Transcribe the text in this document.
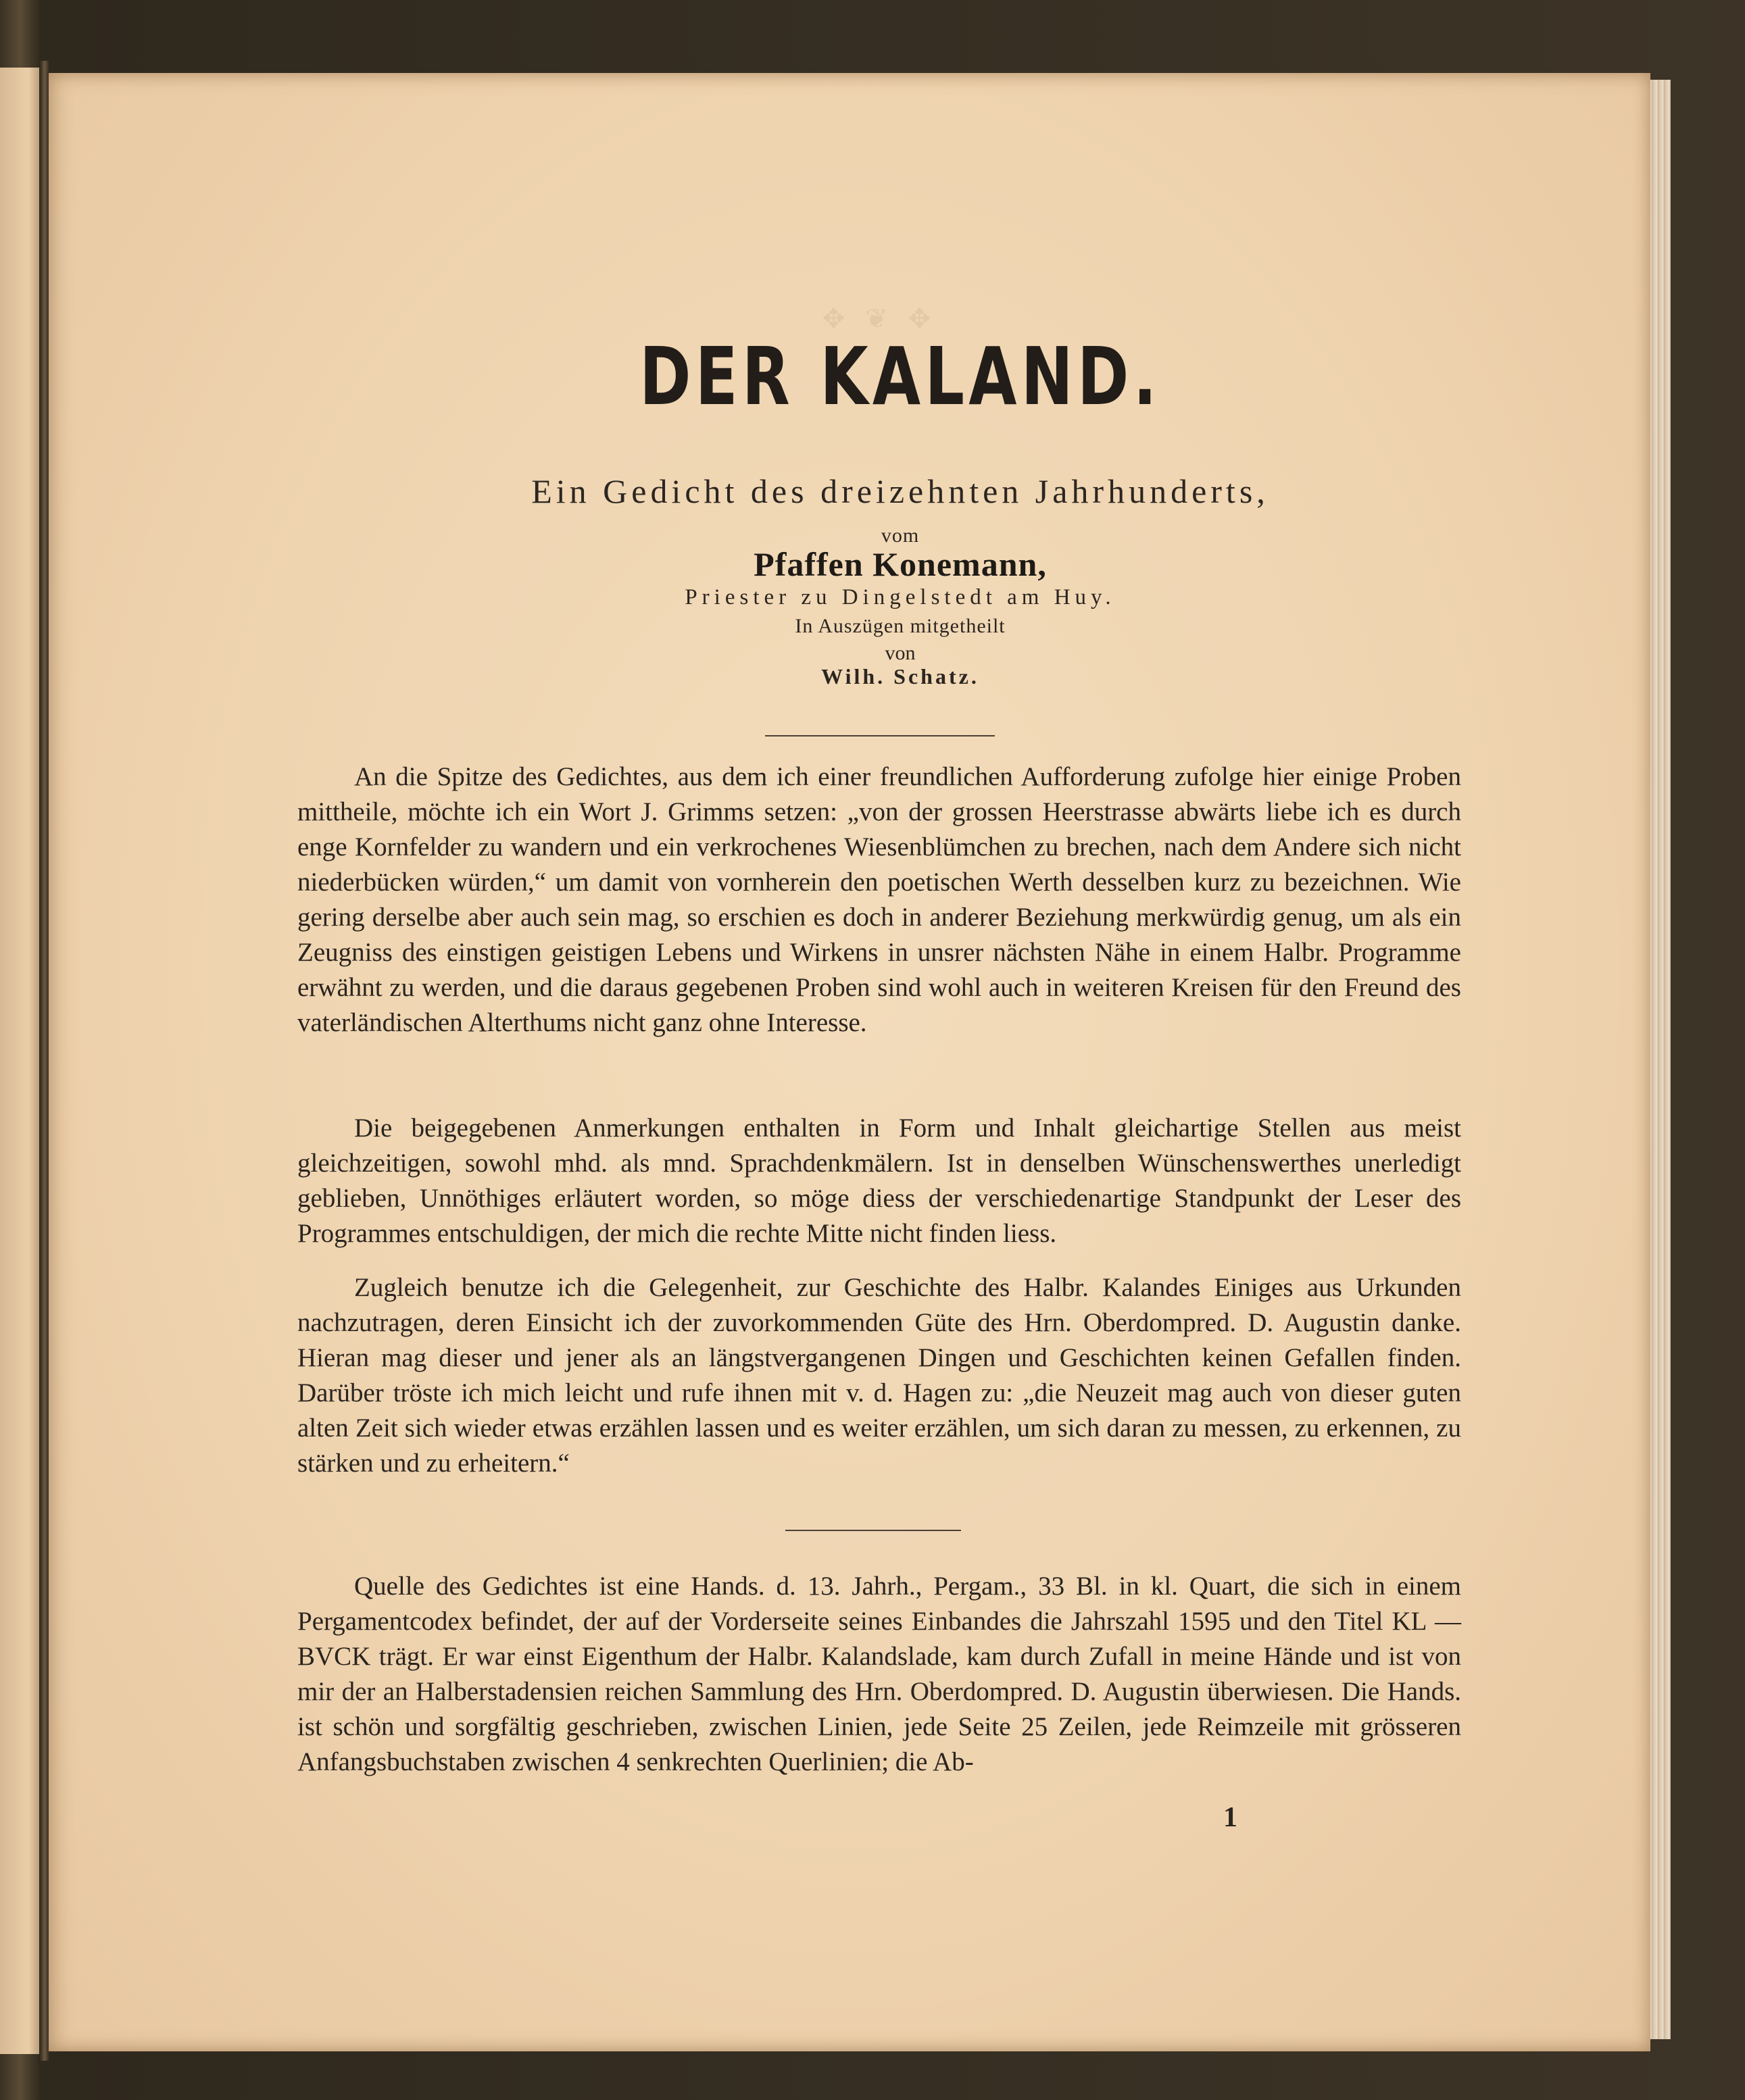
✥ ❦ ✥
DER KALAND.
Ein Gedicht des dreizehnten Jahrhunderts,
vom
Pfaffen Konemann,
Priester zu Dingelstedt am Huy.
In Auszügen mitgetheilt
von
Wilh. Schatz.

An die Spitze des Gedichtes, aus dem ich einer freundlichen Aufforderung zufolge hier einige Proben mittheile, möchte ich ein Wort J. Grimms setzen: „von der grossen Heerstrasse abwärts liebe ich es durch enge Kornfelder zu wandern und ein verkrochenes Wiesenblümchen zu brechen, nach dem Andere sich nicht niederbücken würden,“ um damit von vornherein den poetischen Werth desselben kurz zu bezeichnen. Wie gering derselbe aber auch sein mag, so erschien es doch in anderer Beziehung merkwürdig genug, um als ein Zeugniss des einstigen geistigen Lebens und Wirkens in unsrer nächsten Nähe in einem Halbr. Programme erwähnt zu werden, und die daraus gegebenen Proben sind wohl auch in weiteren Kreisen für den Freund des vaterländischen Alterthums nicht ganz ohne Interesse.

Die beigegebenen Anmerkungen enthalten in Form und Inhalt gleichartige Stellen aus meist gleichzeitigen, sowohl mhd. als mnd. Sprachdenkmälern. Ist in denselben Wünschenswerthes unerledigt geblieben, Unnöthiges erläutert worden, so möge diess der verschiedenartige Standpunkt der Leser des Programmes entschuldigen, der mich die rechte Mitte nicht finden liess.

Zugleich benutze ich die Gelegenheit, zur Geschichte des Halbr. Kalandes Einiges aus Urkunden nachzutragen, deren Einsicht ich der zuvorkommenden Güte des Hrn. Oberdompred. D. Augustin danke. Hieran mag dieser und jener als an längstvergangenen Dingen und Geschichten keinen Gefallen finden. Darüber tröste ich mich leicht und rufe ihnen mit v. d. Hagen zu: „die Neuzeit mag auch von dieser guten alten Zeit sich wieder etwas erzählen lassen und es weiter erzählen, um sich daran zu messen, zu erkennen, zu stärken und zu erheitern.“

Quelle des Gedichtes ist eine Hands. d. 13. Jahrh., Pergam., 33 Bl. in kl. Quart, die sich in einem Pergamentcodex befindet, der auf der Vorderseite seines Einbandes die Jahrszahl 1595 und den Titel KL — BVCK trägt. Er war einst Eigenthum der Halbr. Kalandslade, kam durch Zufall in meine Hände und ist von mir der an Halberstadensien reichen Sammlung des Hrn. Oberdompred. D. Augustin überwiesen. Die Hands. ist schön und sorgfältig geschrieben, zwischen Linien, jede Seite 25 Zeilen, jede Reimzeile mit grösseren Anfangsbuchstaben zwischen 4 senkrechten Querlinien; die Ab-

1
